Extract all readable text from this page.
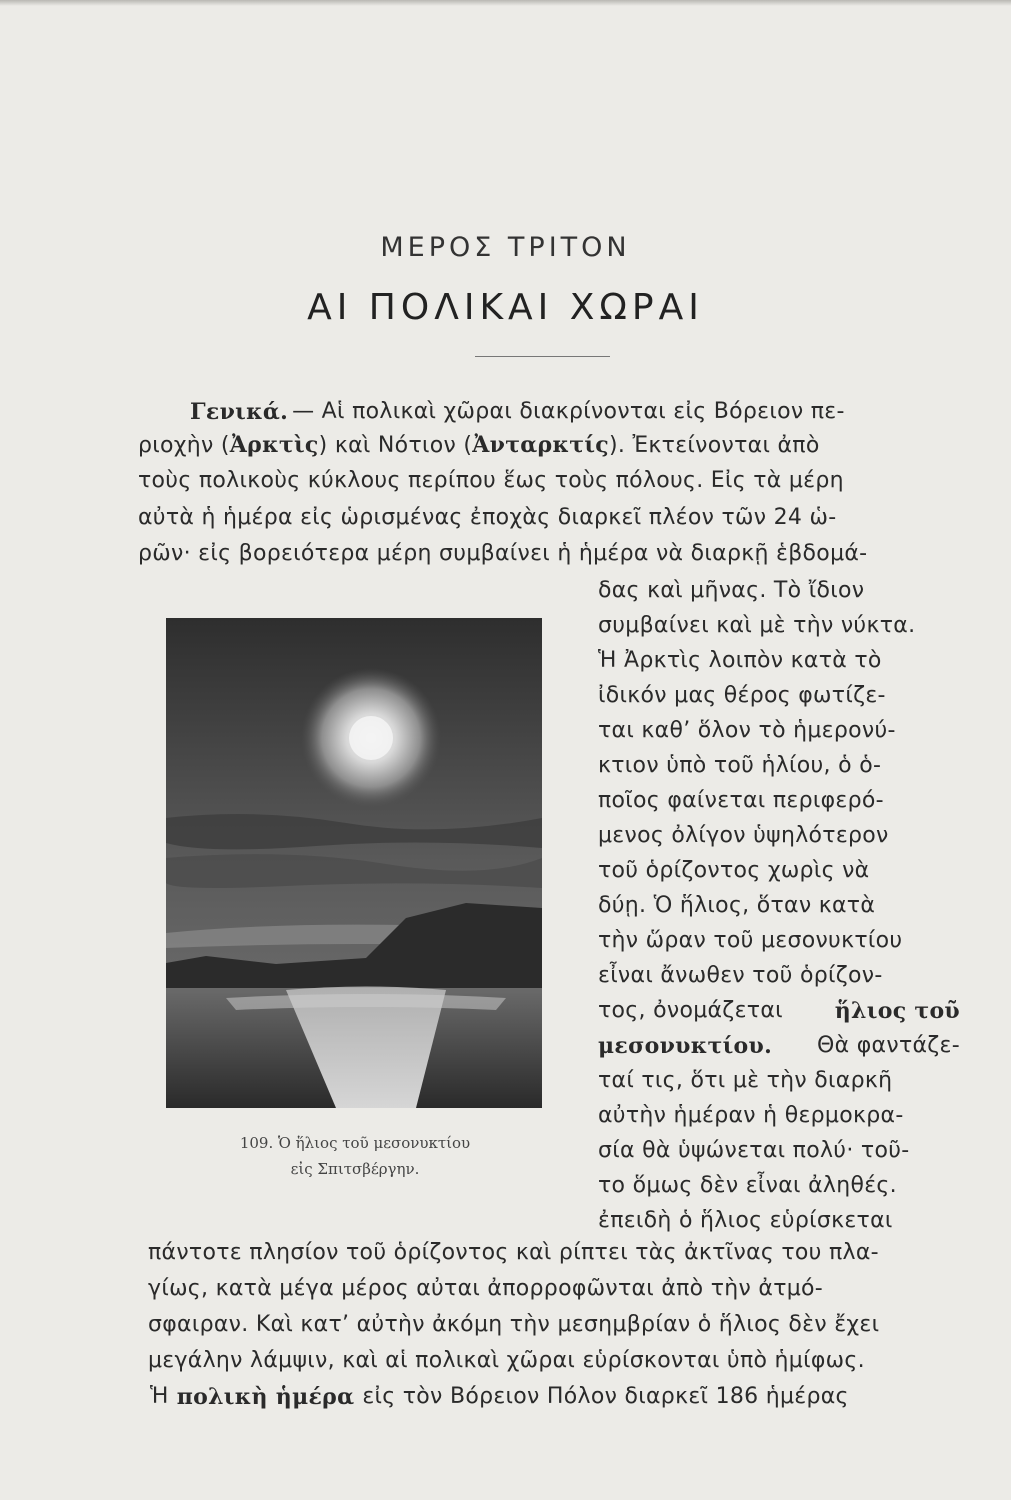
ΜΕΡΟΣ ΤΡΙΤΟΝ
ΑΙ ΠΟΛΙΚΑΙ ΧΩΡΑΙ
Γενικά. — Αἱ πολικαὶ χῶραι διακρίνονται εἰς Βόρειον πε-
ριοχὴν (Ἀρκτὶς) καὶ Νότιον (Ἀνταρκτίς). Ἐκτείνονται ἀπὸ
τοὺς πολικοὺς κύκλους περίπου ἕως τοὺς πόλους. Εἰς τὰ μέρη
αὐτὰ ἡ ἡμέρα εἰς ὡρισμένας ἐποχὰς διαρκεῖ πλέον τῶν 24 ὡ-
ρῶν· εἰς βορειότερα μέρη συμβαίνει ἡ ἡμέρα νὰ διαρκῇ ἑβδομά-
δας καὶ μῆνας. Τὸ ἴδιον
συμβαίνει καὶ μὲ τὴν νύκτα.
Ἡ Ἀρκτὶς λοιπὸν κατὰ τὸ
ἰδικόν μας θέρος φωτίζε-
ται καθ’ ὅλον τὸ ἡμερονύ-
κτιον ὑπὸ τοῦ ἡλίου, ὁ ὁ-
ποῖος φαίνεται περιφερό-
μενος ὀλίγον ὑψηλότερον
τοῦ ὁρίζοντος χωρὶς νὰ
δύῃ. Ὁ ἥλιος, ὅταν κατὰ
τὴν ὥραν τοῦ μεσονυκτίου
εἶναι ἄνωθεν τοῦ ὁρίζον-
τος, ὀνομάζεται ἥλιος τοῦ
μεσονυκτίου. Θὰ φαντάζε-
ταί τις, ὅτι μὲ τὴν διαρκῆ
αὐτὴν ἡμέραν ἡ θερμοκρα-
σία θὰ ὑψώνεται πολύ· τοῦ-
το ὅμως δὲν εἶναι ἀληθές.
ἐπειδὴ ὁ ἥλιος εὑρίσκεται
109. Ὁ ἥλιος τοῦ μεσονυκτίου
εἰς Σπιτσβέργην.
πάντοτε πλησίον τοῦ ὁρίζοντος καὶ ρίπτει τὰς ἀκτῖνας του πλα-
γίως, κατὰ μέγα μέρος αὐται ἀπορροφῶνται ἀπὸ τὴν ἀτμό-
σφαιραν. Καὶ κατ’ αὐτὴν ἀκόμη τὴν μεσημβρίαν ὁ ἥλιος δὲν ἔχει
μεγάλην λάμψιν, καὶ αἱ πολικαὶ χῶραι εὑρίσκονται ὑπὸ ἡμίφως.
Ἡ πολικὴ ἡμέρα εἰς τὸν Βόρειον Πόλον διαρκεῖ 186 ἡμέρας
